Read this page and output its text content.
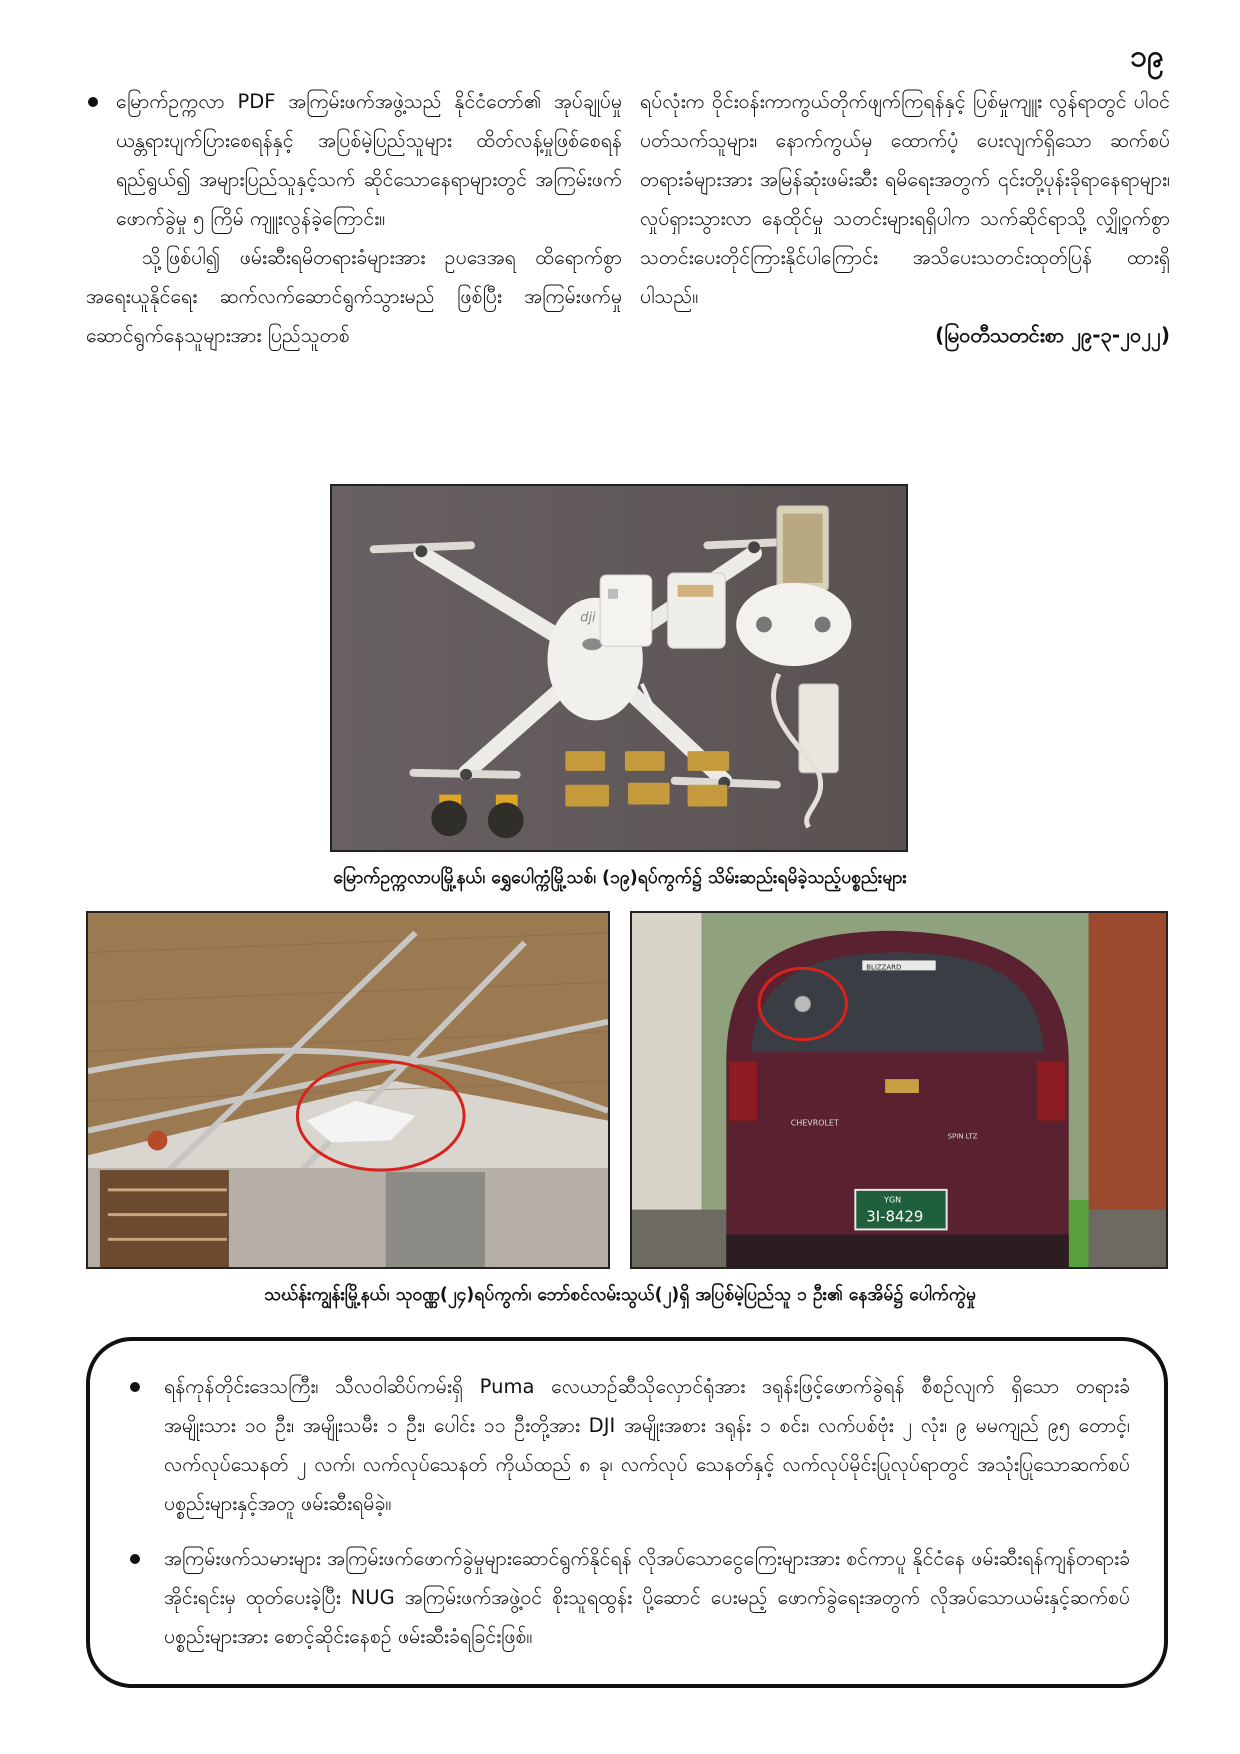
၁၉

မြောက်ဥက္ကလာ PDF အကြမ်းဖက်အဖွဲ့သည် နိုင်ငံတော်၏ အုပ်ချုပ်မှုယန္တရားပျက်ပြားစေရန်နှင့် အပြစ်မဲ့ပြည်သူများ ထိတ်လန့်မှုဖြစ်စေရန်ရည်ရွယ်၍ အများပြည်သူနှင့်သက် ဆိုင်သောနေရာများတွင် အကြမ်းဖက်ဖောက်ခွဲမှု ၅ ကြိမ် ကျူးလွန်ခဲ့ကြောင်း။

သို့ဖြစ်ပါ၍ ဖမ်းဆီးရမိတရားခံများအား ဥပဒေအရ ထိရောက်စွာအရေးယူနိုင်ရေး ဆက်လက်ဆောင်ရွက်သွားမည် ဖြစ်ပြီး အကြမ်းဖက်မှုဆောင်ရွက်နေသူများအား ပြည်သူတစ်

ရပ်လုံးက ဝိုင်းဝန်းကာကွယ်တိုက်ဖျက်ကြရန်နှင့် ပြစ်မှုကျူး လွန်ရာတွင် ပါဝင်ပတ်သက်သူများ၊ နောက်ကွယ်မှ ထောက်ပံ့ ပေးလျက်ရှိသော ဆက်စပ်တရားခံများအား အမြန်ဆုံးဖမ်းဆီး ရမိရေးအတွက် ၎င်းတို့ပုန်းခိုရာနေရာများ၊ လှုပ်ရှားသွားလာ နေထိုင်မှု သတင်းများရရှိပါက သက်ဆိုင်ရာသို့ လျှို့ဝှက်စွာ သတင်းပေးတိုင်ကြားနိုင်ပါကြောင်း အသိပေးသတင်းထုတ်ပြန် ထားရှိပါသည်။

(မြဝတီသတင်းစာ ၂၉-၃-၂၀၂၂)

dji
မြောက်ဥက္ကလာပမြို့နယ်၊ ရွှေပေါက္ကံမြို့သစ်၊ (၁၉)ရပ်ကွက်၌ သိမ်းဆည်းရမိခဲ့သည့်ပစ္စည်းများ
BLIZZARD
CHEVROLET
SPIN LTZ
YGN
3I-8429
သဃ်န်းကျွန်းမြို့နယ်၊ သုဝဏ္ဏ(၂၄)ရပ်ကွက်၊ ဘော်စင်လမ်းသွယ်(၂)ရှိ အပြစ်မဲ့ပြည်သူ ၁ ဦး၏ နေအိမ်၌ ပေါက်ကွဲမှု
ရန်ကုန်တိုင်းဒေသကြီး၊ သီလဝါဆိပ်ကမ်းရှိ Puma လေယာဉ်ဆီသိုလှောင်ရုံအား ဒရုန်းဖြင့်ဖောက်ခွဲရန် စီစဉ်လျက် ရှိသော တရားခံ အမျိုးသား ၁၀ ဦး၊ အမျိုးသမီး ၁ ဦး၊ ပေါင်း ၁၁ ဦးတို့အား DJI အမျိုးအစား ဒရုန်း ၁ စင်း၊ လက်ပစ်ဗုံး ၂ လုံး၊ ၉ မမကျည် ၉၅ တောင့်၊ လက်လုပ်သေနတ် ၂ လက်၊ လက်လုပ်သေနတ် ကိုယ်ထည် ၈ ခု၊ လက်လုပ် သေနတ်နှင့် လက်လုပ်မိုင်းပြုလုပ်ရာတွင် အသုံးပြုသောဆက်စပ်ပစ္စည်းများနှင့်အတူ ဖမ်းဆီးရမိခဲ့။
အကြမ်းဖက်သမားများ အကြမ်းဖက်ဖောက်ခွဲမှုများဆောင်ရွက်နိုင်ရန် လိုအပ်သောငွေကြေးများအား စင်ကာပူ နိုင်ငံနေ ဖမ်းဆီးရန်ကျန်တရားခံ အိုင်းရင်းမှ ထုတ်ပေးခဲ့ပြီး NUG အကြမ်းဖက်အဖွဲ့ဝင် စိုးသူရထွန်း ပို့ဆောင် ပေးမည့် ဖောက်ခွဲရေးအတွက် လိုအပ်သောယမ်းနှင့်ဆက်စပ်ပစ္စည်းများအား စောင့်ဆိုင်းနေစဉ် ဖမ်းဆီးခံရခြင်းဖြစ်။
